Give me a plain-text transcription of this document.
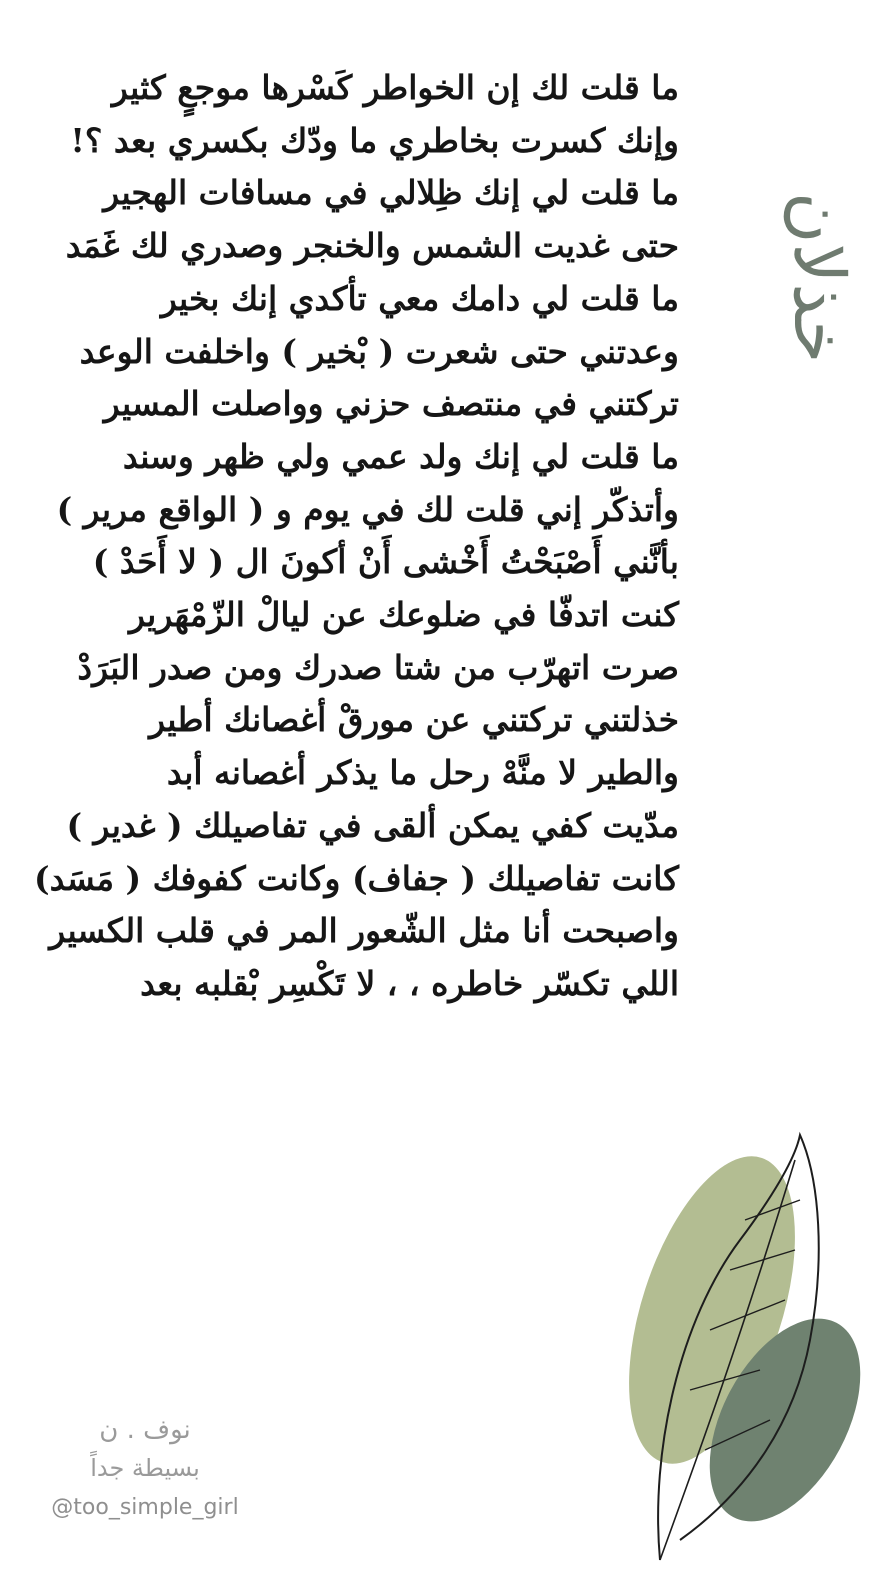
ما قلت لك إن الخواطر كَسْرها موجعٍ كثير

وإنك كسرت بخاطري ما ودّك بكسري بعد ؟!

ما قلت لي إنك ظِلالي في مسافات الهجير

حتى غديت الشمس والخنجر وصدري لك غَمَد

ما قلت لي دامك معي تأكدي إنك بخير

وعدتني حتى شعرت ( بْخير ) واخلفت الوعد

تركتني في منتصف حزني وواصلت المسير

ما قلت لي إنك ولد عمي ولي ظهر وسند

وأتذكّر إني قلت لك في يوم و ( الواقع مرير )

بأنَّني أَصْبَحْتُ أَخْشى أَنْ أكونَ ال ( لا أَحَدْ )

كنت اتدفّا في ضلوعك عن ليالْ الزّمْهَرير

صرت اتهرّب من شتا صدرك ومن صدر البَرَدْ

خذلتني تركتني عن مورقْ أغصانك أطير

والطير لا منَّهْ رحل ما يذكر أغصانه أبد

مدّيت كفي يمكن ألقى في تفاصيلك ( غدير )

كانت تفاصيلك ( جفاف) وكانت كفوفك ( مَسَد)

واصبحت أنا مثل الشّعور المر في قلب الكسير

اللي تكسّر خاطره ، ، لا تَكْسِر بْقلبه بعد

خذلان
نوف . ن
بسيطة جداً
@too_simple_girl
